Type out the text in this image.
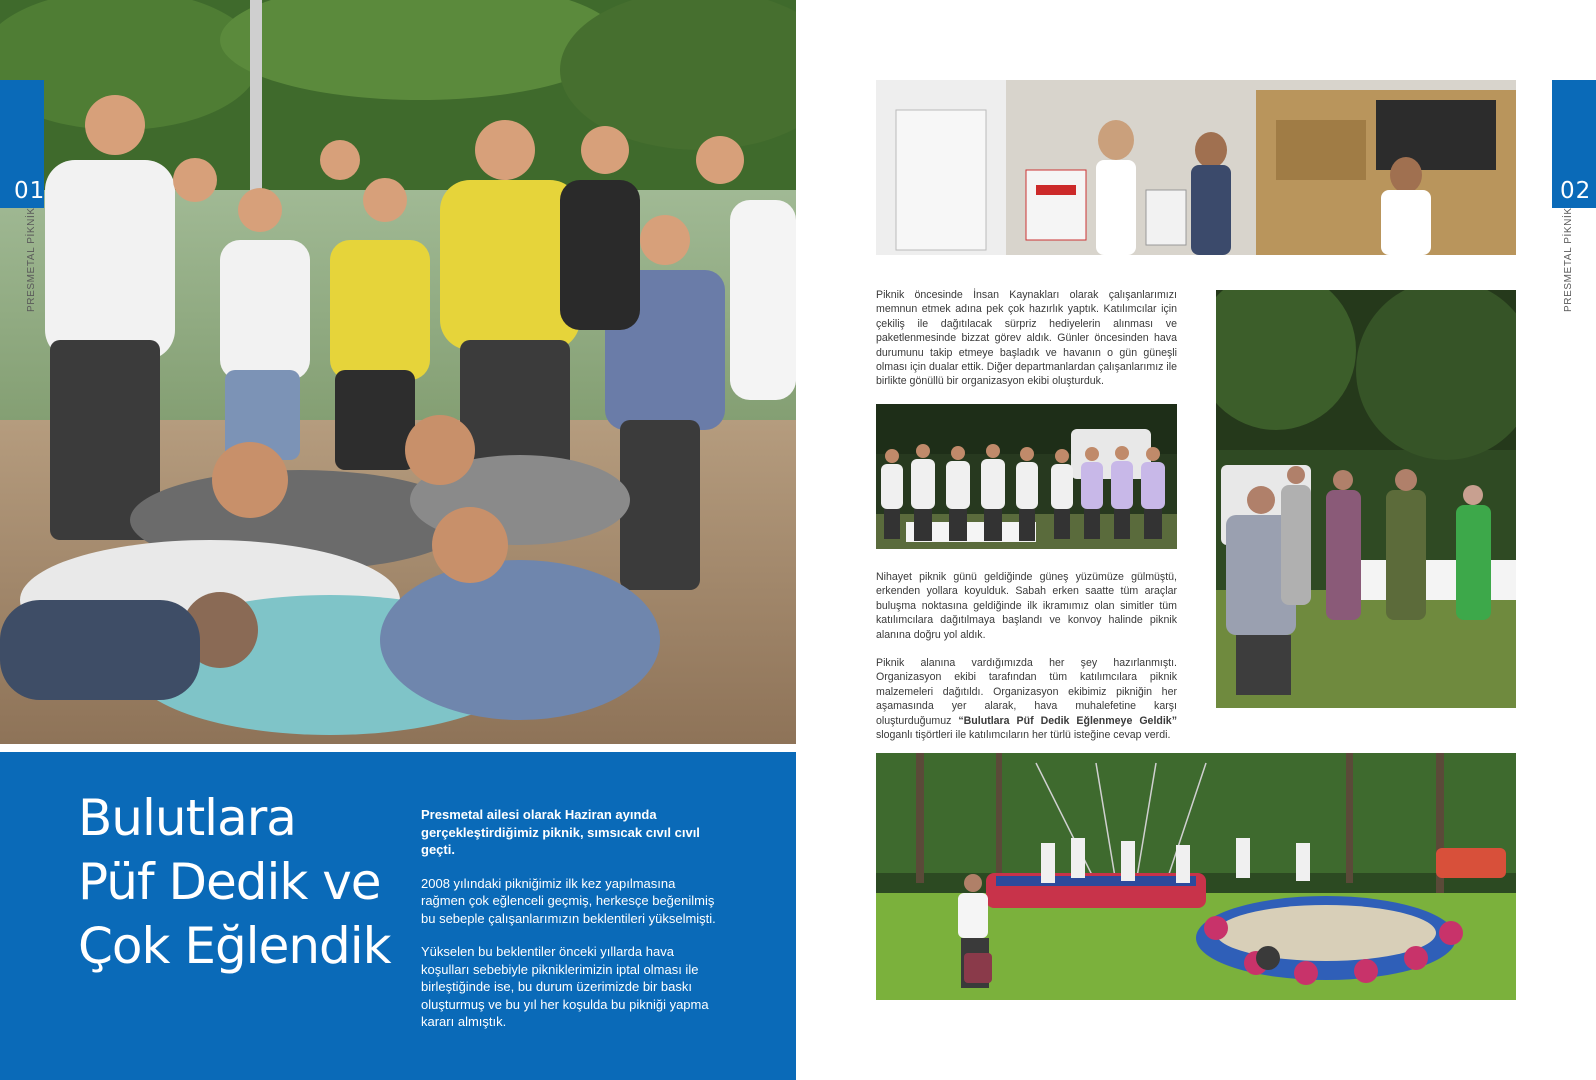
01
PRESMETAL PİKNİK
Bulutlara
Püf Dedik ve
Çok Eğlendik
Presmetal ailesi olarak Haziran ayında gerçekleştirdiğimiz piknik, sımsıcak cıvıl cıvıl geçti.

2008 yılındaki pikniğimiz ilk kez yapılmasına rağmen çok eğlenceli geçmiş, herkesçe beğenilmiş bu sebeple çalışanlarımızın beklentileri yükselmişti.

Yükselen bu beklentiler önceki yıllarda hava koşulları sebebiyle pikniklerimizin iptal olması ile birleştiğinde ise, bu durum üzerimizde bir baskı oluşturmuş ve bu yıl her koşulda bu pikniği yapma kararı almıştık.

02
PRESMETAL PİKNİK

Piknik öncesinde İnsan Kaynakları olarak çalışanlarımızı memnun etmek adına pek çok hazırlık yaptık. Katılımcılar için çekiliş ile dağıtılacak sürpriz hediyelerin alınması ve paketlenmesinde bizzat görev aldık. Günler öncesinden hava durumunu takip etmeye başladık ve havanın o gün güneşli olması için dualar ettik. Diğer departmanlardan çalışanlarımız ile birlikte gönüllü bir organizasyon ekibi oluşturduk.

Nihayet piknik günü geldiğinde güneş yüzümüze gülmüştü, erkenden yollara koyulduk. Sabah erken saatte tüm araçlar buluşma noktasına geldiğinde ilk ikramımız olan simitler tüm katılımcılara dağıtılmaya başlandı ve konvoy halinde piknik alanına doğru yol aldık.

Piknik alanına vardığımızda her şey hazırlanmıştı. Organizasyon ekibi tarafından tüm katılımcılara piknik malzemeleri dağıtıldı. Organizasyon ekibimiz pikniğin her aşamasında yer alarak, hava muhalefetine karşı oluşturduğumuz “Bulutlara Püf Dedik Eğlenmeye Geldik” sloganlı tişörtleri ile katılımcıların her türlü isteğine cevap verdi.
